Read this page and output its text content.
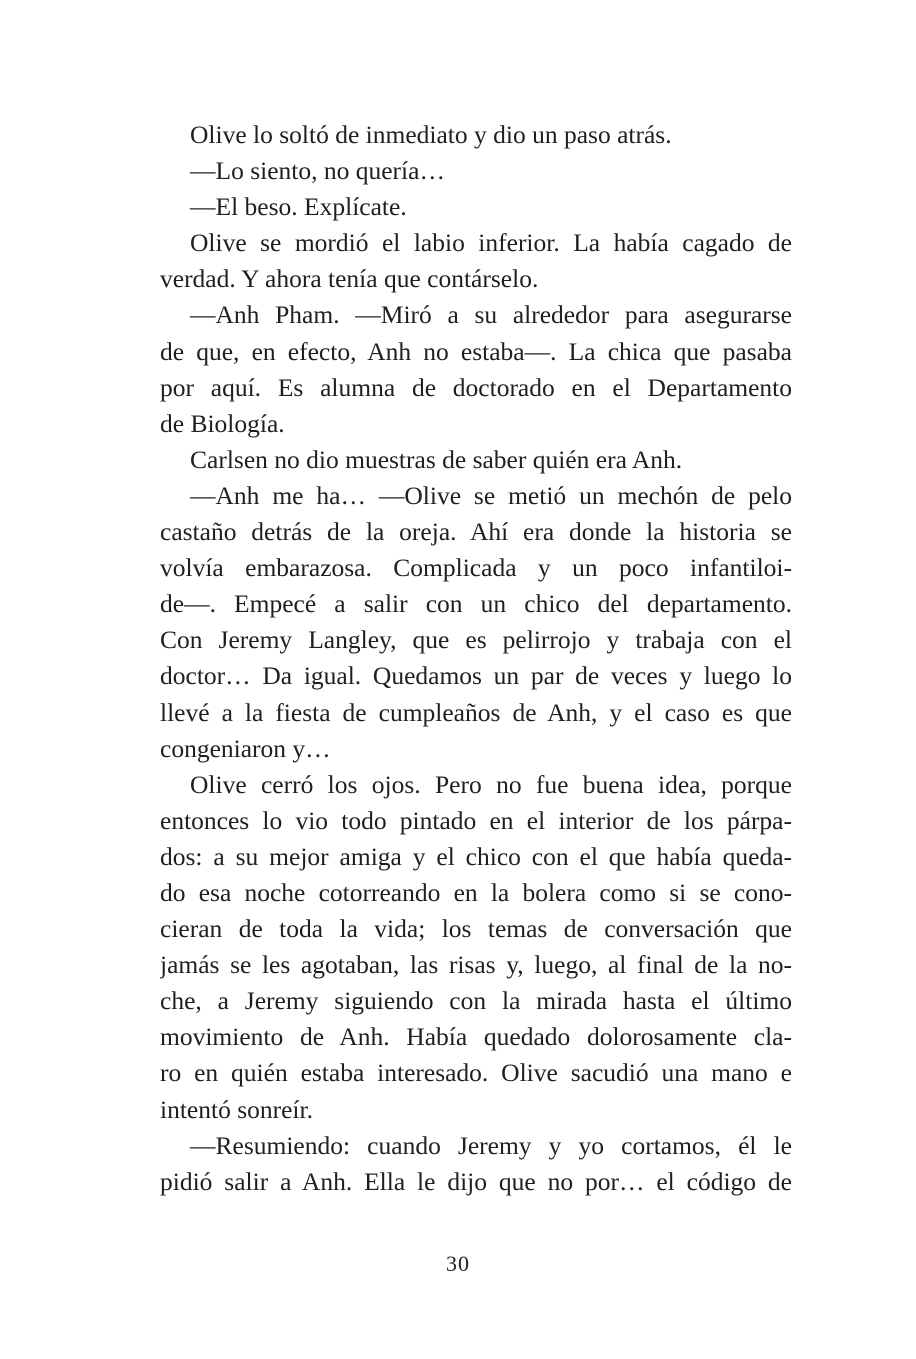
Olive lo soltó de inmediato y dio un paso atrás.
—Lo siento, no quería…
—El beso. Explícate.
Olive se mordió el labio inferior. La había cagado de
verdad. Y ahora tenía que contárselo.
—Anh Pham. —Miró a su alrededor para asegurarse
de que, en efecto, Anh no estaba—. La chica que pasaba
por aquí. Es alumna de doctorado en el Departamento
de Biología.
Carlsen no dio muestras de saber quién era Anh.
—Anh me ha… —Olive se metió un mechón de pelo
castaño detrás de la oreja. Ahí era donde la historia se
volvía embarazosa. Complicada y un poco infantiloi-
de—. Empecé a salir con un chico del departamento.
Con Jeremy Langley, que es pelirrojo y trabaja con el
doctor… Da igual. Quedamos un par de veces y luego lo
llevé a la fiesta de cumpleaños de Anh, y el caso es que
congeniaron y…
Olive cerró los ojos. Pero no fue buena idea, porque
entonces lo vio todo pintado en el interior de los párpa-
dos: a su mejor amiga y el chico con el que había queda-
do esa noche cotorreando en la bolera como si se cono-
cieran de toda la vida; los temas de conversación que
jamás se les agotaban, las risas y, luego, al final de la no-
che, a Jeremy siguiendo con la mirada hasta el último
movimiento de Anh. Había quedado dolorosamente cla-
ro en quién estaba interesado. Olive sacudió una mano e
intentó sonreír.
—Resumiendo: cuando Jeremy y yo cortamos, él le
pidió salir a Anh. Ella le dijo que no por… el código de
30
